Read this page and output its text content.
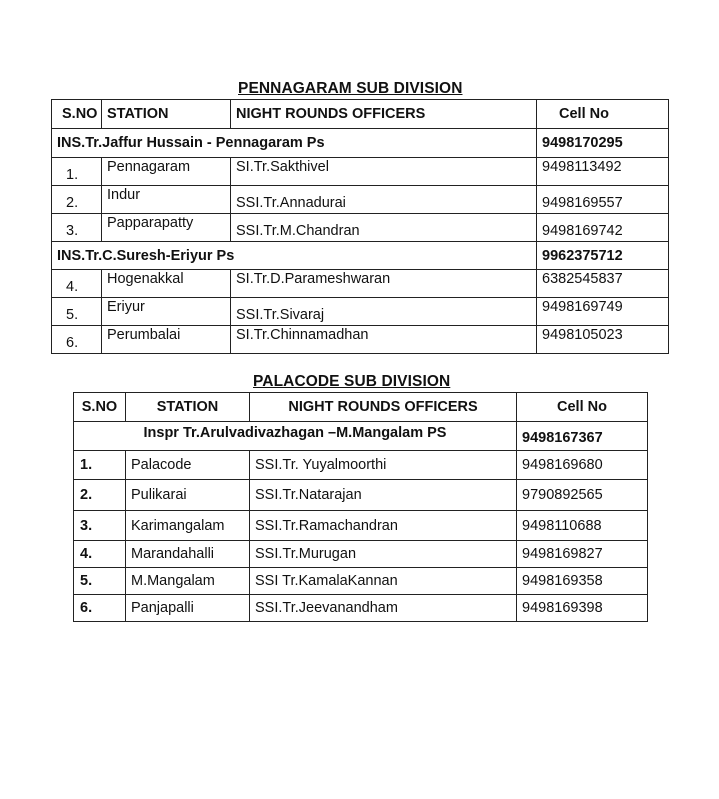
PENNAGARAM SUB DIVISION
S.NO	STATION	NIGHT ROUNDS OFFICERS	Cell No
INS.Tr.Jaffur Hussain - Pennagaram Ps			9498170295
1.	Pennagaram	SI.Tr.Sakthivel	9498113492
2.	Indur	SSI.Tr.Annadurai	9498169557
3.	Papparapatty	SSI.Tr.M.Chandran	9498169742
INS.Tr.C.Suresh-Eriyur Ps			9962375712
4.	Hogenakkal	SI.Tr.D.Parameshwaran	6382545837
5.	Eriyur	SSI.Tr.Sivaraj	9498169749
6.	Perumbalai	SI.Tr.Chinnamadhan	9498105023
PALACODE SUB DIVISION
S.NO	STATION	NIGHT ROUNDS OFFICERS	Cell No
Inspr Tr.Arulvadivazhagan –M.Mangalam PS			9498167367
1.	Palacode	SSI.Tr. Yuyalmoorthi	9498169680
2.	Pulikarai	SSI.Tr.Natarajan	9790892565
3.	Karimangalam	SSI.Tr.Ramachandran	9498110688
4.	Marandahalli	SSI.Tr.Murugan	9498169827
5.	M.Mangalam	SSI Tr.KamalaKannan	9498169358
6.	Panjapalli	SSI.Tr.Jeevanandham	9498169398
